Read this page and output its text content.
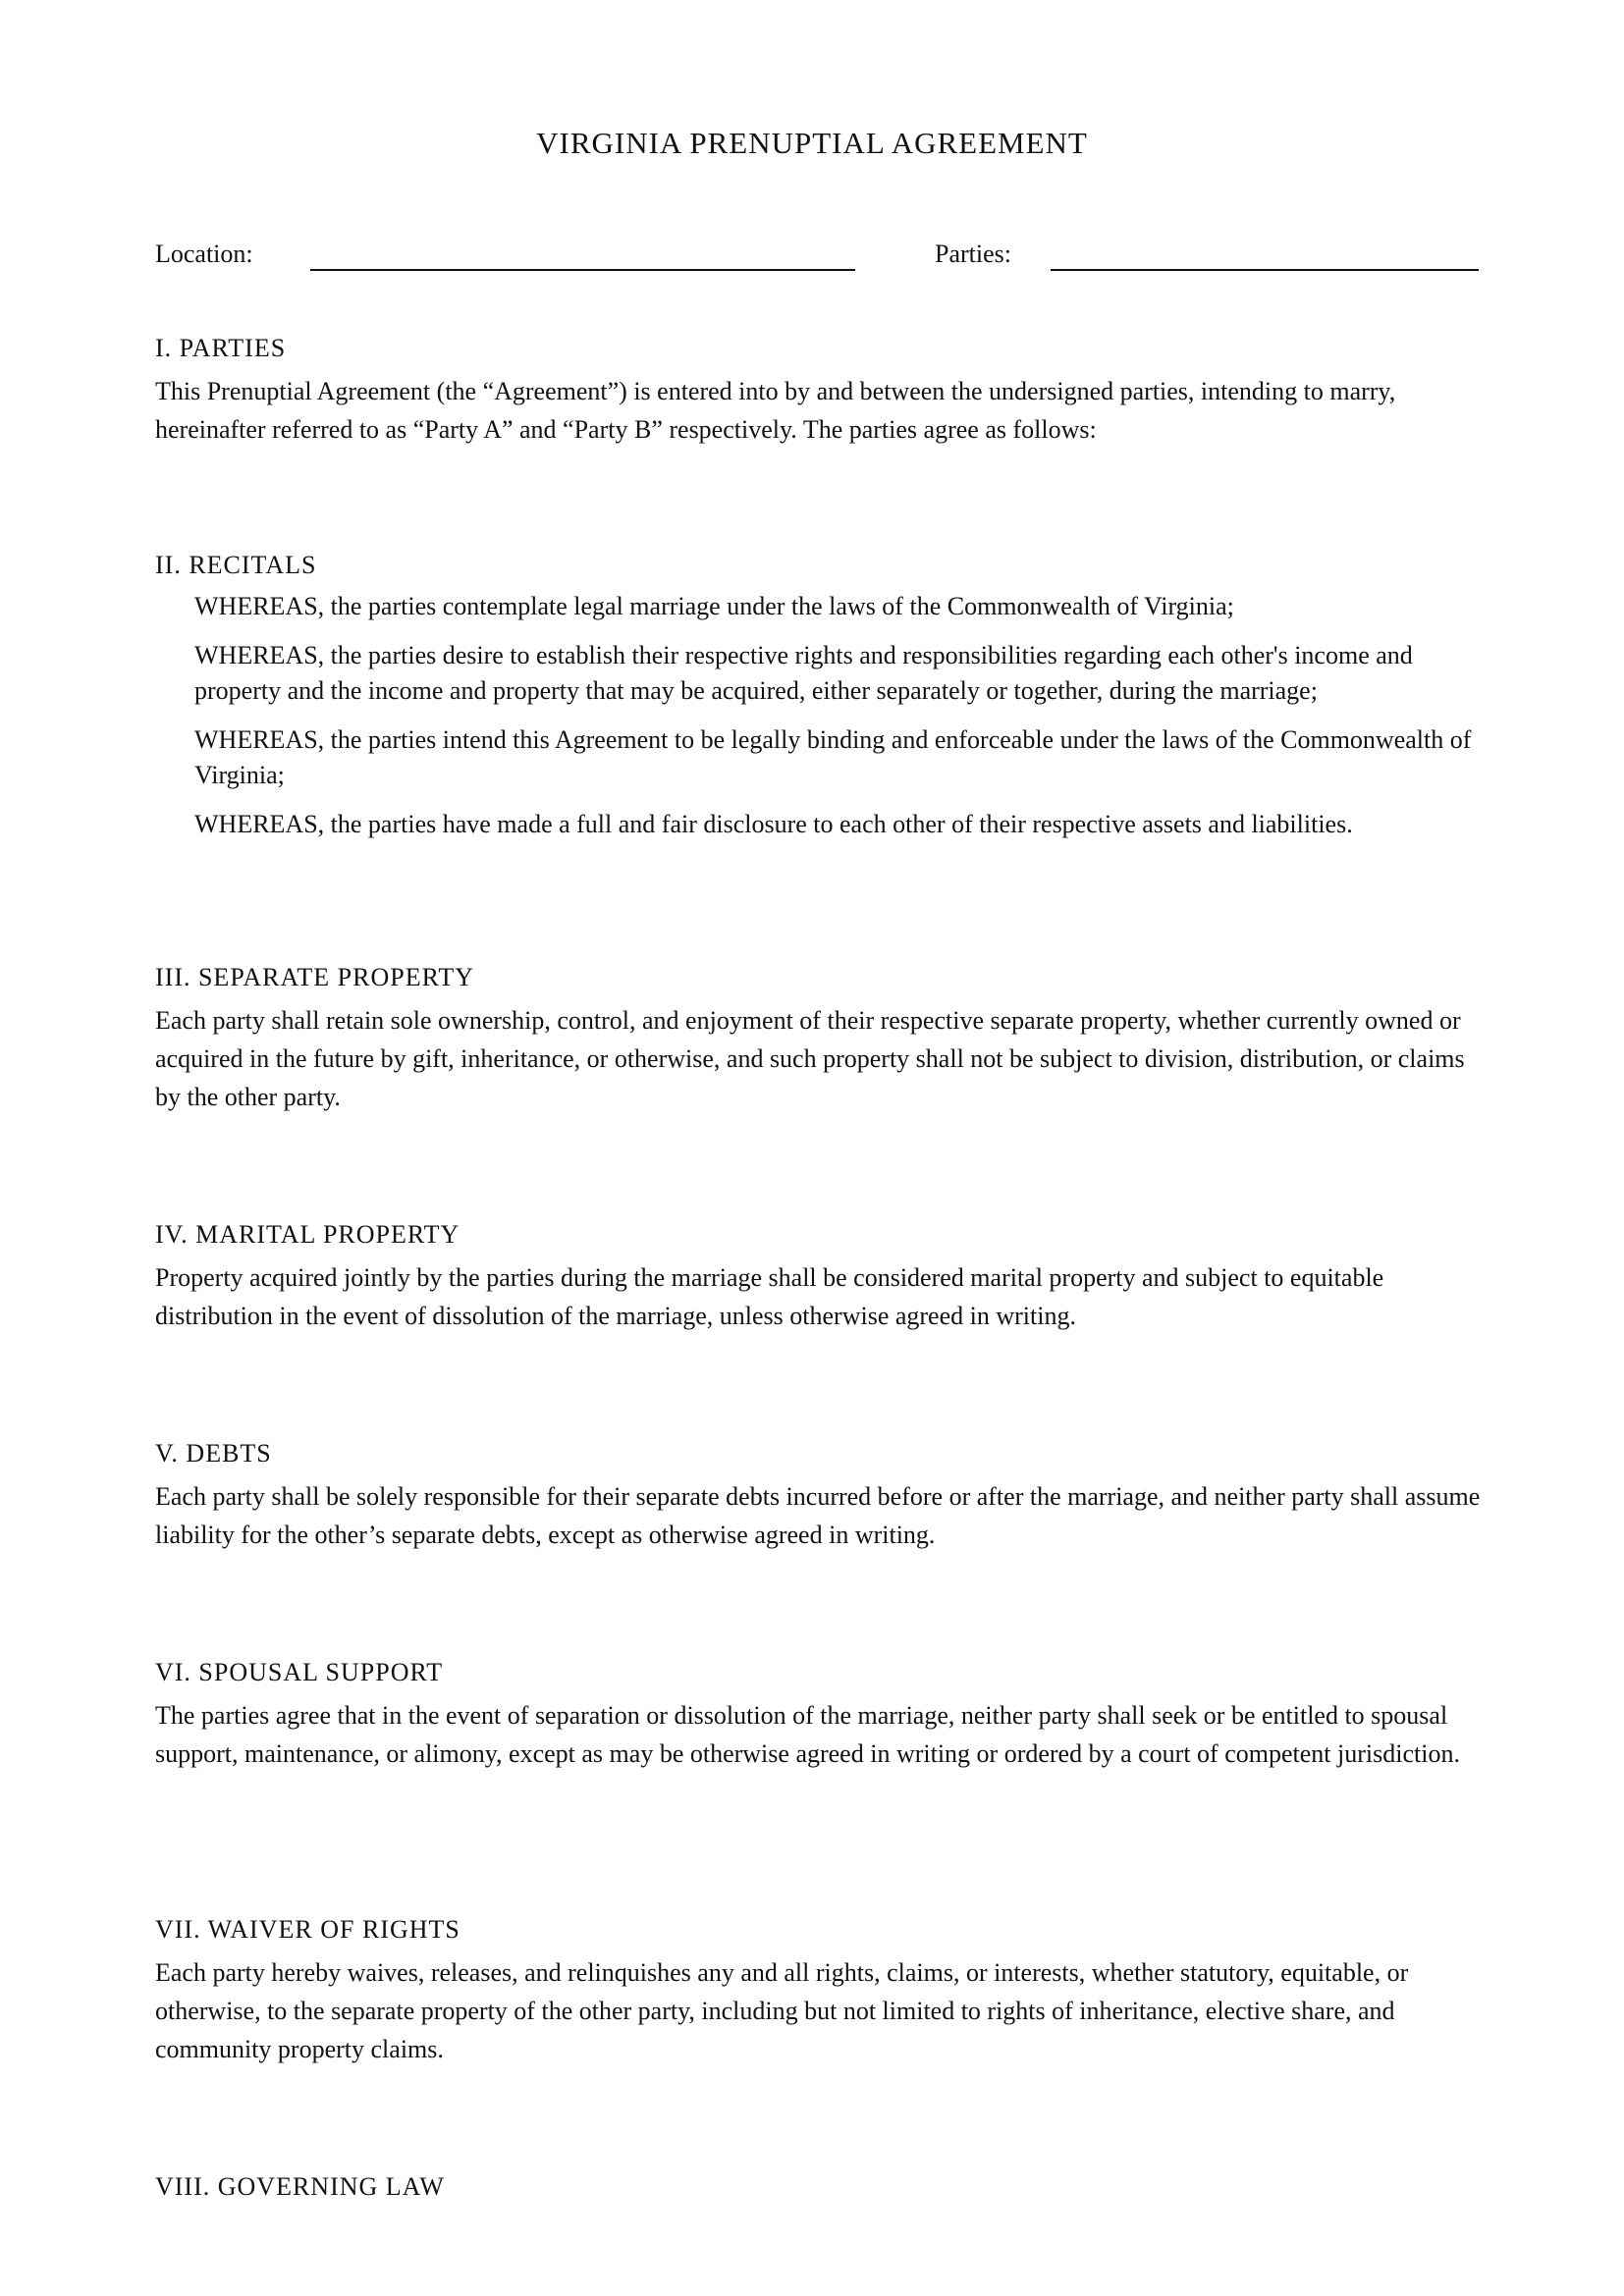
VIRGINIA PRENUPTIAL AGREEMENT
Location:	Parties:
I. PARTIES

This Prenuptial Agreement (the “Agreement”) is entered into by and between the undersigned parties, intending to marry, hereinafter referred to as “Party A” and “Party B” respectively. The parties agree as follows:

II. RECITALS

WHEREAS, the parties contemplate legal marriage under the laws of the Commonwealth of Virginia;

WHEREAS, the parties desire to establish their respective rights and responsibilities regarding each other's income and property and the income and property that may be acquired, either separately or together, during the marriage;

WHEREAS, the parties intend this Agreement to be legally binding and enforceable under the laws of the Commonwealth of Virginia;

WHEREAS, the parties have made a full and fair disclosure to each other of their respective assets and liabilities.

III. SEPARATE PROPERTY

Each party shall retain sole ownership, control, and enjoyment of their respective separate property, whether currently owned or acquired in the future by gift, inheritance, or otherwise, and such property shall not be subject to division, distribution, or claims by the other party.

IV. MARITAL PROPERTY

Property acquired jointly by the parties during the marriage shall be considered marital property and subject to equitable distribution in the event of dissolution of the marriage, unless otherwise agreed in writing.

V. DEBTS

Each party shall be solely responsible for their separate debts incurred before or after the marriage, and neither party shall assume liability for the other’s separate debts, except as otherwise agreed in writing.

VI. SPOUSAL SUPPORT

The parties agree that in the event of separation or dissolution of the marriage, neither party shall seek or be entitled to spousal support, maintenance, or alimony, except as may be otherwise agreed in writing or ordered by a court of competent jurisdiction.

VII. WAIVER OF RIGHTS

Each party hereby waives, releases, and relinquishes any and all rights, claims, or interests, whether statutory, equitable, or otherwise, to the separate property of the other party, including but not limited to rights of inheritance, elective share, and community property claims.

VIII. GOVERNING LAW
